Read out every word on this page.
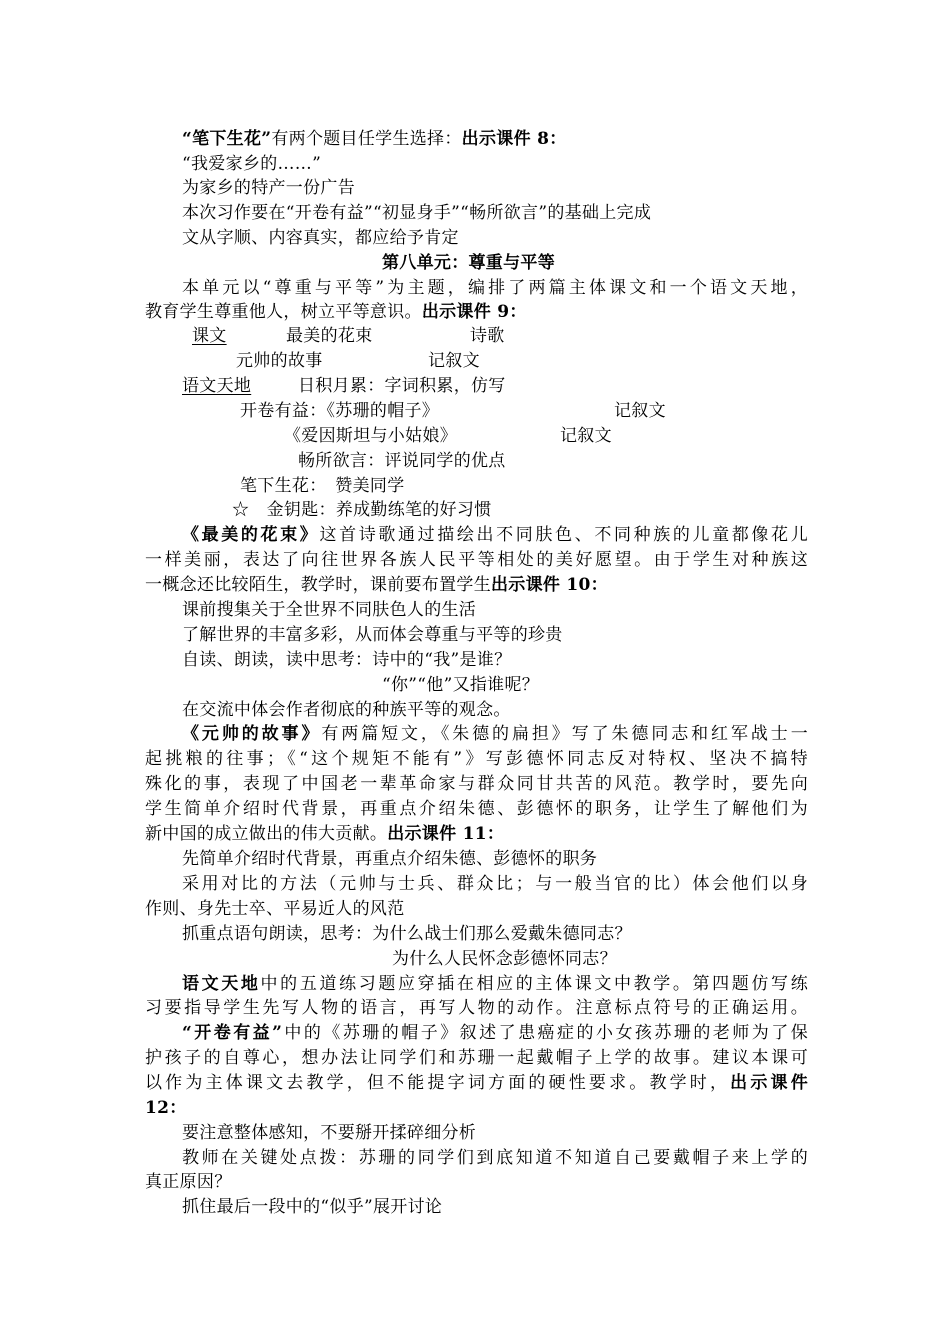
“笔下生花”有两个题目任学生选择：出示课件 8：
“我爱家乡的……”
为家乡的特产一份广告
本次习作要在“开卷有益”“初显身手”“畅所欲言”的基础上完成
文从字顺、内容真实，都应给予肯定
第八单元：尊重与平等
本单元以“尊重与平等”为主题，编排了两篇主体课文和一个语文天地，
教育学生尊重他人，树立平等意识。出示课件 9：
课文	最美的花束	诗歌
元帅的故事	记叙文
语文天地	日积月累：字词积累，仿写
开卷有益：《苏珊的帽子》	记叙文
《爱因斯坦与小姑娘》	记叙文
畅所欲言：评说同学的优点
笔下生花：　赞美同学
☆　金钥匙：养成勤练笔的好习惯
《最美的花束》这首诗歌通过描绘出不同肤色、不同种族的儿童都像花儿
一样美丽，表达了向往世界各族人民平等相处的美好愿望。由于学生对种族这
一概念还比较陌生，教学时，课前要布置学生出示课件 10：
课前搜集关于全世界不同肤色人的生活
了解世界的丰富多彩，从而体会尊重与平等的珍贵
自读、朗读，读中思考：诗中的“我”是谁？
“你”“他”又指谁呢？
在交流中体会作者彻底的种族平等的观念。
《元帅的故事》有两篇短文，《朱德的扁担》写了朱德同志和红军战士一
起挑粮的往事；《“这个规矩不能有”》写彭德怀同志反对特权、坚决不搞特
殊化的事，表现了中国老一辈革命家与群众同甘共苦的风范。教学时，要先向
学生简单介绍时代背景，再重点介绍朱德、彭德怀的职务，让学生了解他们为
新中国的成立做出的伟大贡献。出示课件 11：
先简单介绍时代背景，再重点介绍朱德、彭德怀的职务
采用对比的方法（元帅与士兵、群众比；与一般当官的比）体会他们以身
作则、身先士卒、平易近人的风范
抓重点语句朗读，思考：为什么战士们那么爱戴朱德同志？
为什么人民怀念彭德怀同志？
语文天地中的五道练习题应穿插在相应的主体课文中教学。第四题仿写练
习要指导学生先写人物的语言，再写人物的动作。注意标点符号的正确运用。
“开卷有益”中的《苏珊的帽子》叙述了患癌症的小女孩苏珊的老师为了保
护孩子的自尊心，想办法让同学们和苏珊一起戴帽子上学的故事。建议本课可
以作为主体课文去教学，但不能提字词方面的硬性要求。教学时，出示课件
12：
要注意整体感知，不要掰开揉碎细分析
教师在关键处点拨：苏珊的同学们到底知道不知道自己要戴帽子来上学的
真正原因？
抓住最后一段中的“似乎”展开讨论
